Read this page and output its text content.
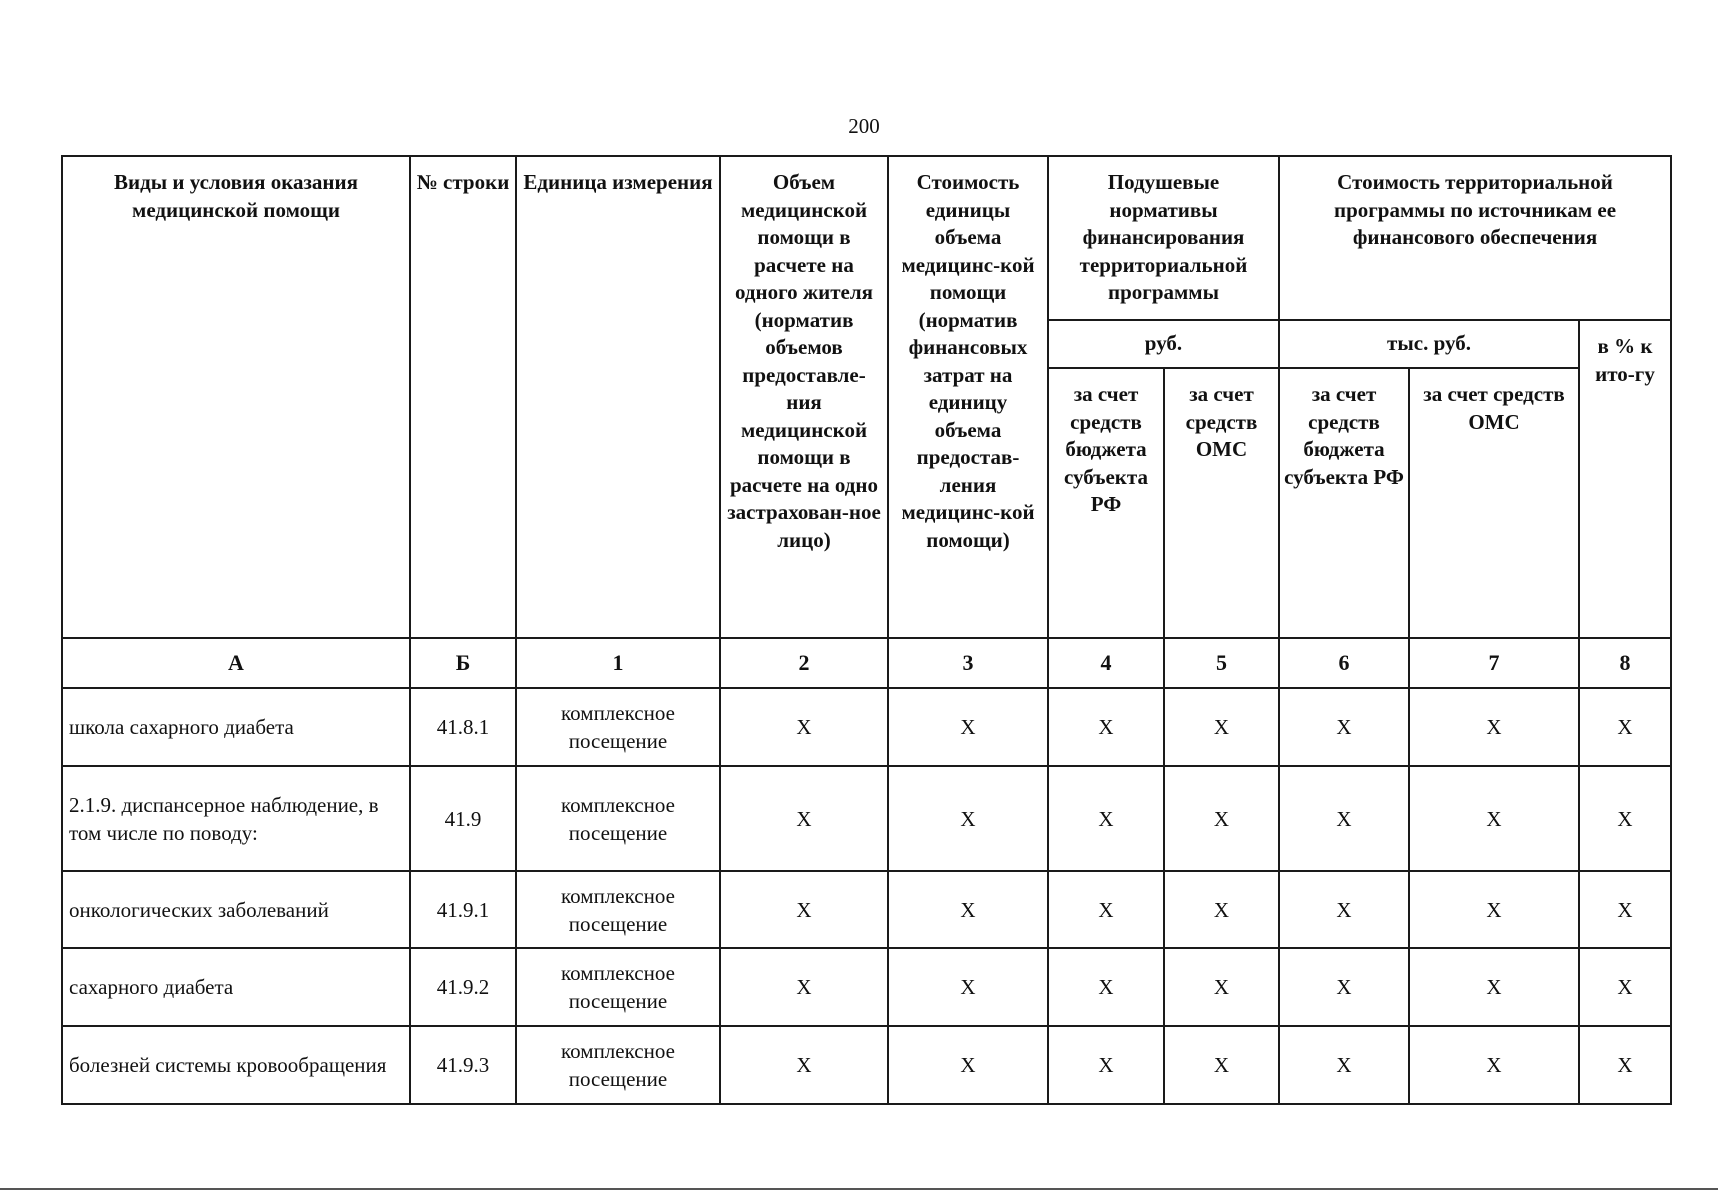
200
Виды и условия оказания медицинской помощи	№ строки	Единица измерения	Объем медицинской помощи в расчете на одного жителя (норматив объемов предоставле-ния медицинской помощи в расчете на одно застрахован-ное лицо)	Стоимость единицы объема медицинс-кой помощи (норматив финансовых затрат на единицу объема предостав-ления медицинс-кой помощи)	Подушевые нормативы финансирования территориальной программы		Стоимость территориальной программы по источникам ее финансового обеспечения		
					руб.		тыс. руб.		в % к ито-гу
					за счет средств бюджета субъекта РФ	за счет средств ОМС	за счет средств бюджета субъекта РФ	за счет средств ОМС	
А	Б	1	2	3	4	5	6	7	8
школа сахарного диабета	41.8.1	комплексное посещение	X	X	X	X	X	X	X
2.1.9. диспансерное наблюдение, в том числе по поводу:	41.9	комплексное посещение	X	X	X	X	X	X	X
онкологических заболеваний	41.9.1	комплексное посещение	X	X	X	X	X	X	X
сахарного диабета	41.9.2	комплексное посещение	X	X	X	X	X	X	X
болезней системы кровообращения	41.9.3	комплексное посещение	X	X	X	X	X	X	X
